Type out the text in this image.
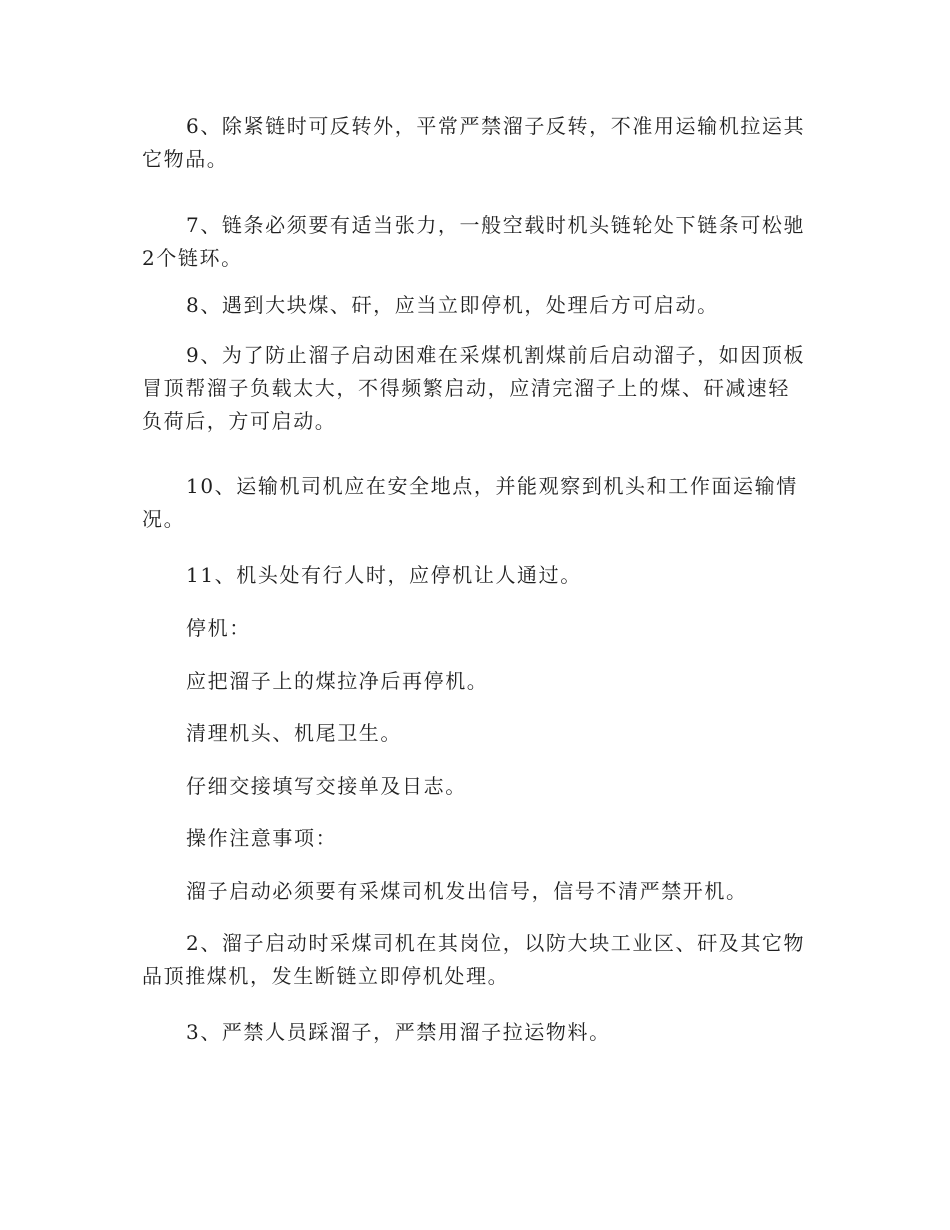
6、除紧链时可反转外，平常严禁溜子反转，不准用运输机拉运其它物品。

7、链条必须要有适当张力，一般空载时机头链轮处下链条可松驰2个链环。

8、遇到大块煤、矸，应当立即停机，处理后方可启动。

9、为了防止溜子启动困难在采煤机割煤前后启动溜子，如因顶板冒顶帮溜子负载太大，不得频繁启动，应清完溜子上的煤、矸减速轻负荷后，方可启动。

10、运输机司机应在安全地点，并能观察到机头和工作面运输情况。

11、机头处有行人时，应停机让人通过。

停机：

应把溜子上的煤拉净后再停机。

清理机头、机尾卫生。

仔细交接填写交接单及日志。

操作注意事项：

溜子启动必须要有采煤司机发出信号，信号不清严禁开机。

2、溜子启动时采煤司机在其岗位，以防大块工业区、矸及其它物品顶推煤机，发生断链立即停机处理。

3、严禁人员踩溜子，严禁用溜子拉运物料。
